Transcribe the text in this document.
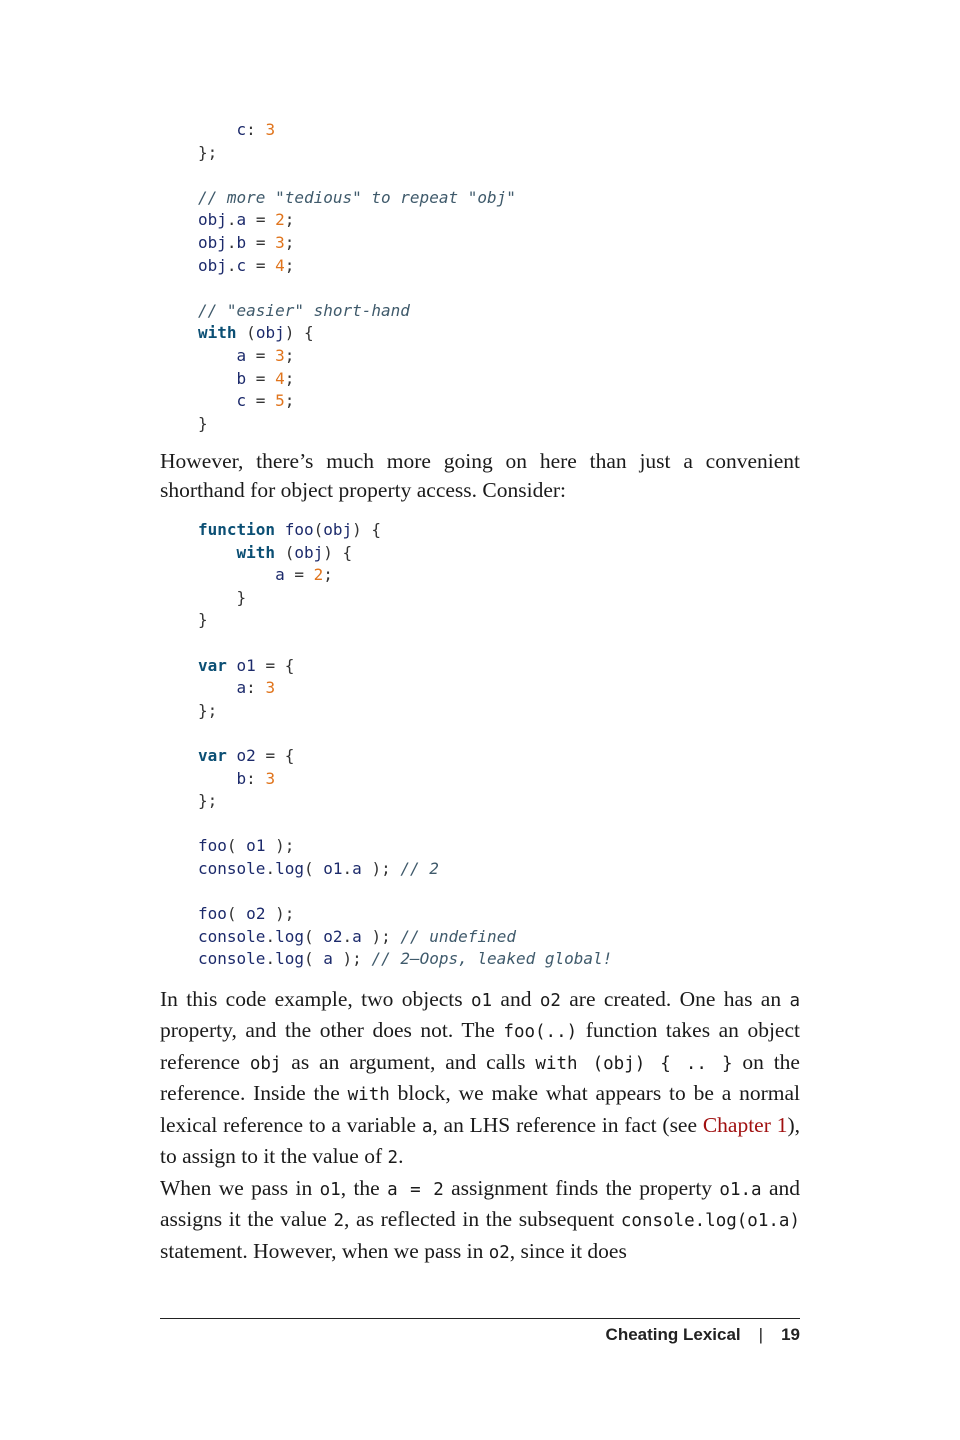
c: 3
};
// more "tedious" to repeat "obj"
obj.a = 2;
obj.b = 3;
obj.c = 4;
// "easier" short-hand
with (obj) {
a = 3;
b = 4;
c = 5;
}

However, there’s much more going on here than just a convenient shorthand for object property access. Consider:

function foo(obj) {
with (obj) {
a = 2;
}
}
var o1 = {
a: 3
};
var o2 = {
b: 3
};
foo( o1 );
console.log( o1.a ); // 2
foo( o2 );
console.log( o2.a ); // undefined
console.log( a ); // 2—Oops, leaked global!

In this code example, two objects o1 and o2 are created. One has an a property, and the other does not. The foo(..) function takes an object reference obj as an argument, and calls with (obj) { .. } on the reference. Inside the with block, we make what appears to be a normal lexical reference to a variable a, an LHS reference in fact (see Chapter 1), to assign to it the value of 2.

When we pass in o1, the a = 2 assignment finds the property o1.a and assigns it the value 2, as reflected in the subsequent console.log(o1.a) statement. However, when we pass in o2, since it does

Cheating Lexical | 19
